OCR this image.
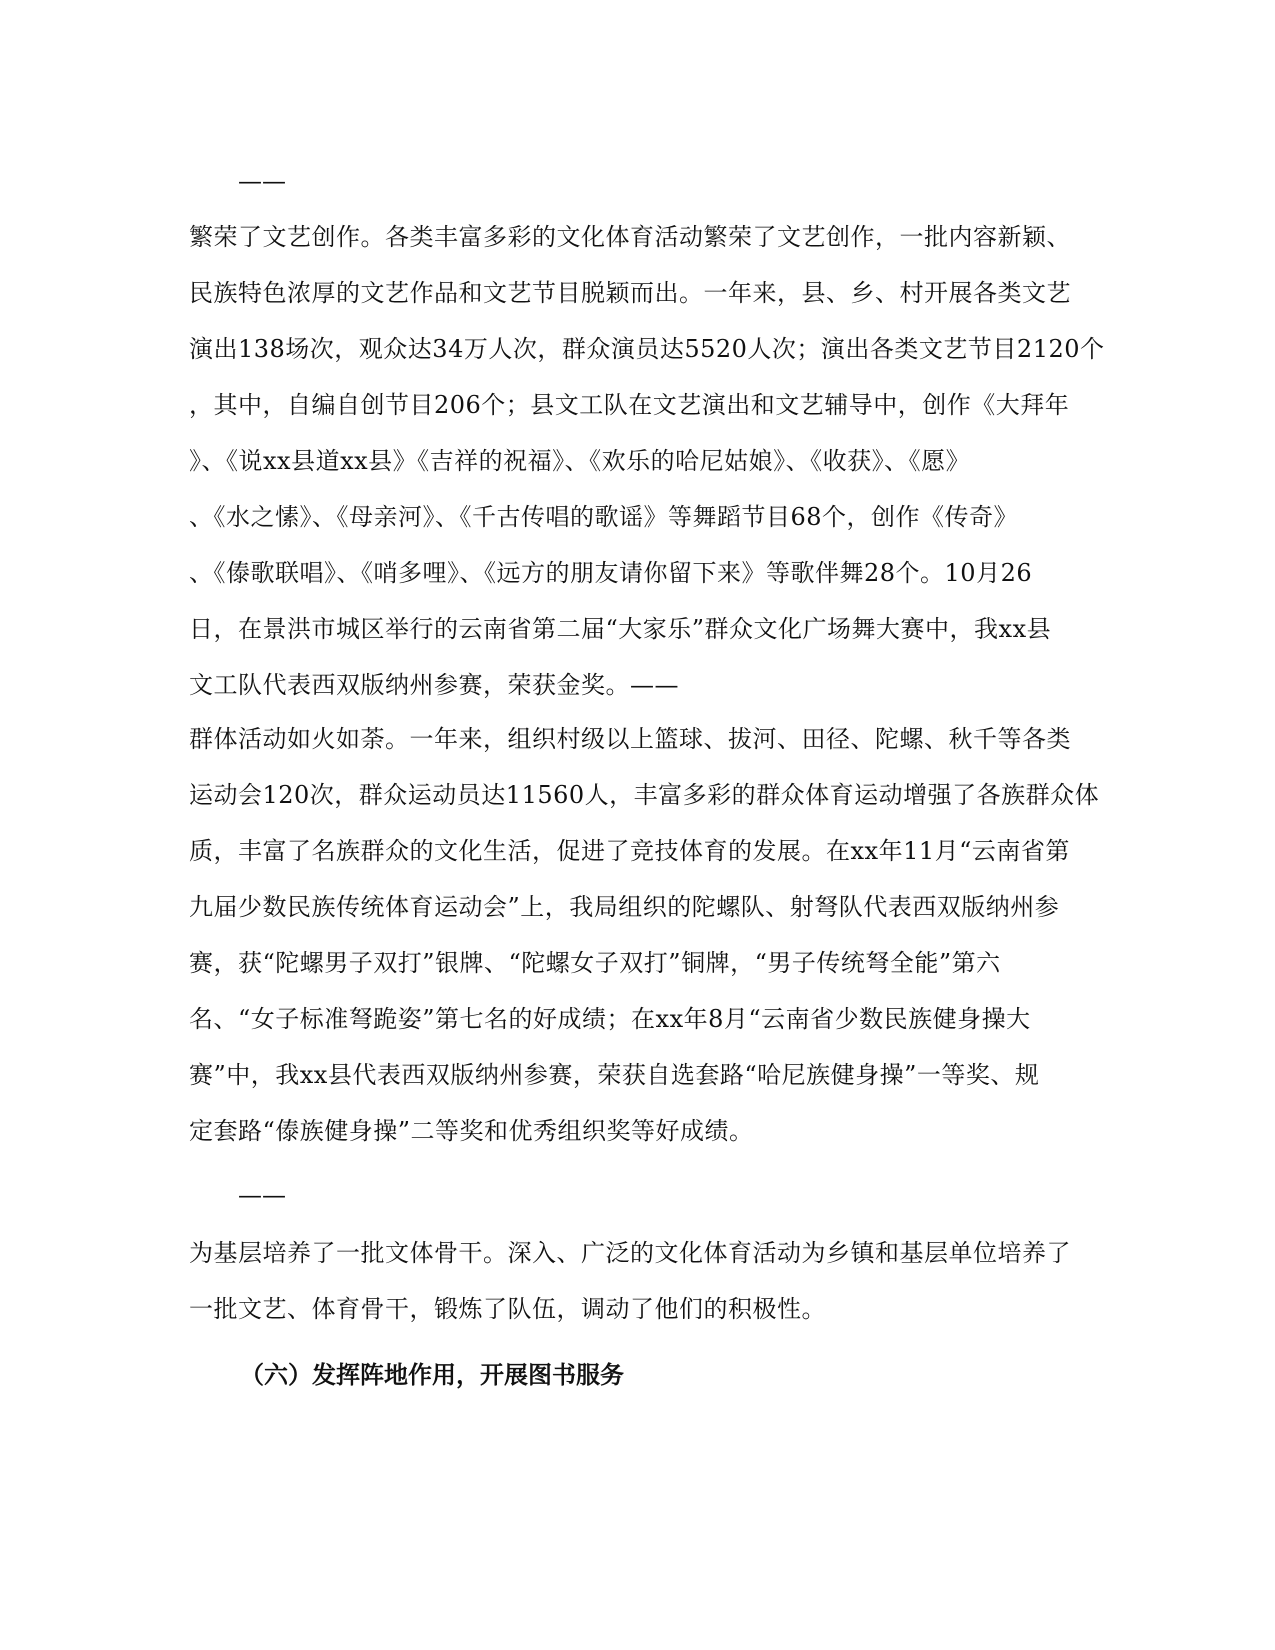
——
繁荣了文艺创作。各类丰富多彩的文化体育活动繁荣了文艺创作，一批内容新颖、
民族特色浓厚的文艺作品和文艺节目脱颖而出。一年来，县、乡、村开展各类文艺
演出138场次，观众达34万人次，群众演员达5520人次；演出各类文艺节目2120个
，其中，自编自创节目206个；县文工队在文艺演出和文艺辅导中，创作《大拜年
》、《说xx县道xx县》《吉祥的祝福》、《欢乐的哈尼姑娘》、《收获》、《愿》
、《水之愫》、《母亲河》、《千古传唱的歌谣》等舞蹈节目68个，创作《传奇》
、《傣歌联唱》、《哨多哩》、《远方的朋友请你留下来》等歌伴舞28个。10月26
日，在景洪市城区举行的云南省第二届“大家乐”群众文化广场舞大赛中，我xx县
文工队代表西双版纳州参赛，荣获金奖。——
群体活动如火如荼。一年来，组织村级以上篮球、拔河、田径、陀螺、秋千等各类
运动会120次，群众运动员达11560人，丰富多彩的群众体育运动增强了各族群众体
质，丰富了名族群众的文化生活，促进了竞技体育的发展。在xx年11月“云南省第
九届少数民族传统体育运动会”上，我局组织的陀螺队、射弩队代表西双版纳州参
赛，获“陀螺男子双打”银牌、“陀螺女子双打”铜牌，“男子传统弩全能”第六
名、“女子标准弩跪姿”第七名的好成绩；在xx年8月“云南省少数民族健身操大
赛”中，我xx县代表西双版纳州参赛，荣获自选套路“哈尼族健身操”一等奖、规
定套路“傣族健身操”二等奖和优秀组织奖等好成绩。
——
为基层培养了一批文体骨干。深入、广泛的文化体育活动为乡镇和基层单位培养了
一批文艺、体育骨干，锻炼了队伍，调动了他们的积极性。
（六）发挥阵地作用，开展图书服务
